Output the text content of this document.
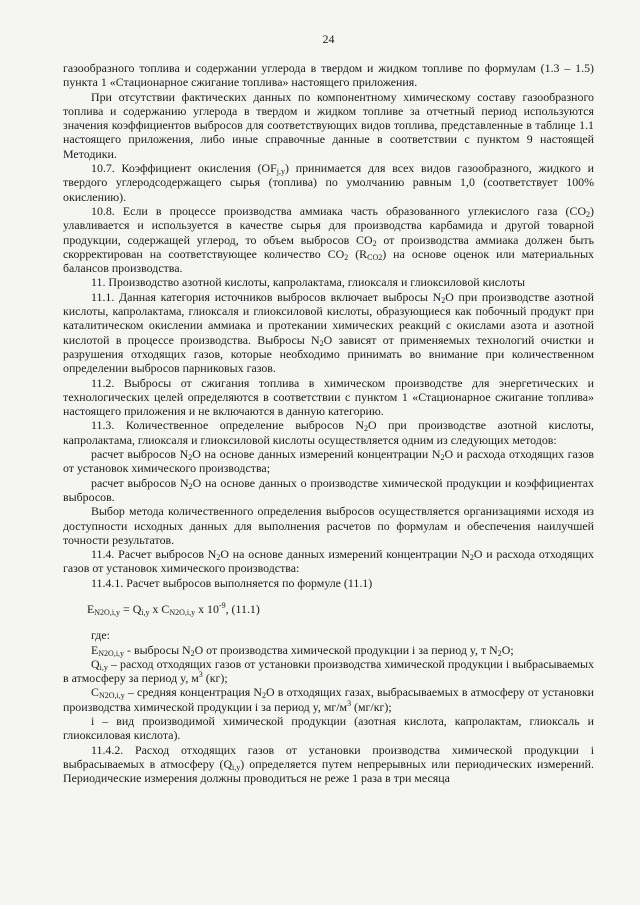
24

газообразного топлива и содержании углерода в твердом и жидком топливе по формулам (1.3 – 1.5) пункта 1 «Стационарное сжигание топлива» настоящего приложения.

При отсутствии фактических данных по компонентному химическому составу газообразного топлива и содержанию углерода в твердом и жидком топливе за отчетный период используются значения коэффициентов выбросов для соответствующих видов топлива, представленные в таблице 1.1 настоящего приложения, либо иные справочные данные в соответствии с пунктом 9 настоящей Методики.

10.7. Коэффициент окисления $(OF_{j,y})$ принимается для всех видов газообразного, жидкого и твердого углеродсодержащего сырья (топлива) по умолчанию равным 1,0 (соответствует 100% окислению).

10.8. Если в процессе производства аммиака часть образованного углекислого газа $(CO_2)$ улавливается и используется в качестве сырья для производства карбамида и другой товарной продукции, содержащей углерод, то объем выбросов $CO_2$ от производства аммиака должен быть скорректирован на соответствующее количество $CO_2$ $(R_{CO2})$ на основе оценок или материальных балансов производства.

11. Производство азотной кислоты, капролактама, глиоксаля и глиоксиловой кислоты

11.1. Данная категория источников выбросов включает выбросы $N_2O$ при производстве азотной кислоты, капролактама, глиоксаля и глиоксиловой кислоты, образующиеся как побочный продукт при каталитическом окислении аммиака и протекании химических реакций с окислами азота и азотной кислотой в процессе производства. Выбросы $N_2O$ зависят от применяемых технологий очистки и разрушения отходящих газов, которые необходимо принимать во внимание при количественном определении выбросов парниковых газов.

11.2. Выбросы от сжигания топлива в химическом производстве для энергетических и технологических целей определяются в соответствии с пунктом 1 «Стационарное сжигание топлива» настоящего приложения и не включаются в данную категорию.

11.3. Количественное определение выбросов $N_2O$ при производстве азотной кислоты, капролактама, глиоксаля и глиоксиловой кислоты осуществляется одним из следующих методов:

расчет выбросов $N_2O$ на основе данных измерений концентрации $N_2O$ и расхода отходящих газов от установок химического производства;

расчет выбросов $N_2O$ на основе данных о производстве химической продукции и коэффициентах выбросов.

Выбор метода количественного определения выбросов осуществляется организациями исходя из доступности исходных данных для выполнения расчетов по формулам и обеспечения наилучшей точности результатов.

11.4. Расчет выбросов $N_2O$ на основе данных измерений концентрации $N_2O$ и расхода отходящих газов от установок химического производства:

11.4.1. Расчет выбросов выполняется по формуле (11.1)

$E_{N2O,i,y} = Q_{i,y}$ x $C_{N2O,i,y}$ x $10^{-9}$, (11.1)

где:

$E_{N2O,i,y}$ - выбросы $N_2O$ от производства химической продукции i за период y, т $N_2O$;

$Q_{i,y}$ – расход отходящих газов от установки производства химической продукции i выбрасываемых в атмосферу за период y, $м^3$ (кг);

$C_{N2O,i,y}$ – средняя концентрация $N_2O$ в отходящих газах, выбрасываемых в атмосферу от установки производства химической продукции i за период y, $мг/м^3$ (мг/кг);

i – вид производимой химической продукции (азотная кислота, капролактам, глиоксаль и глиоксиловая кислота).

11.4.2. Расход отходящих газов от установки производства химической продукции i выбрасываемых в атмосферу $(Q_{i,y})$ определяется путем непрерывных или периодических измерений. Периодические измерения должны проводиться не реже 1 раза в три месяца
